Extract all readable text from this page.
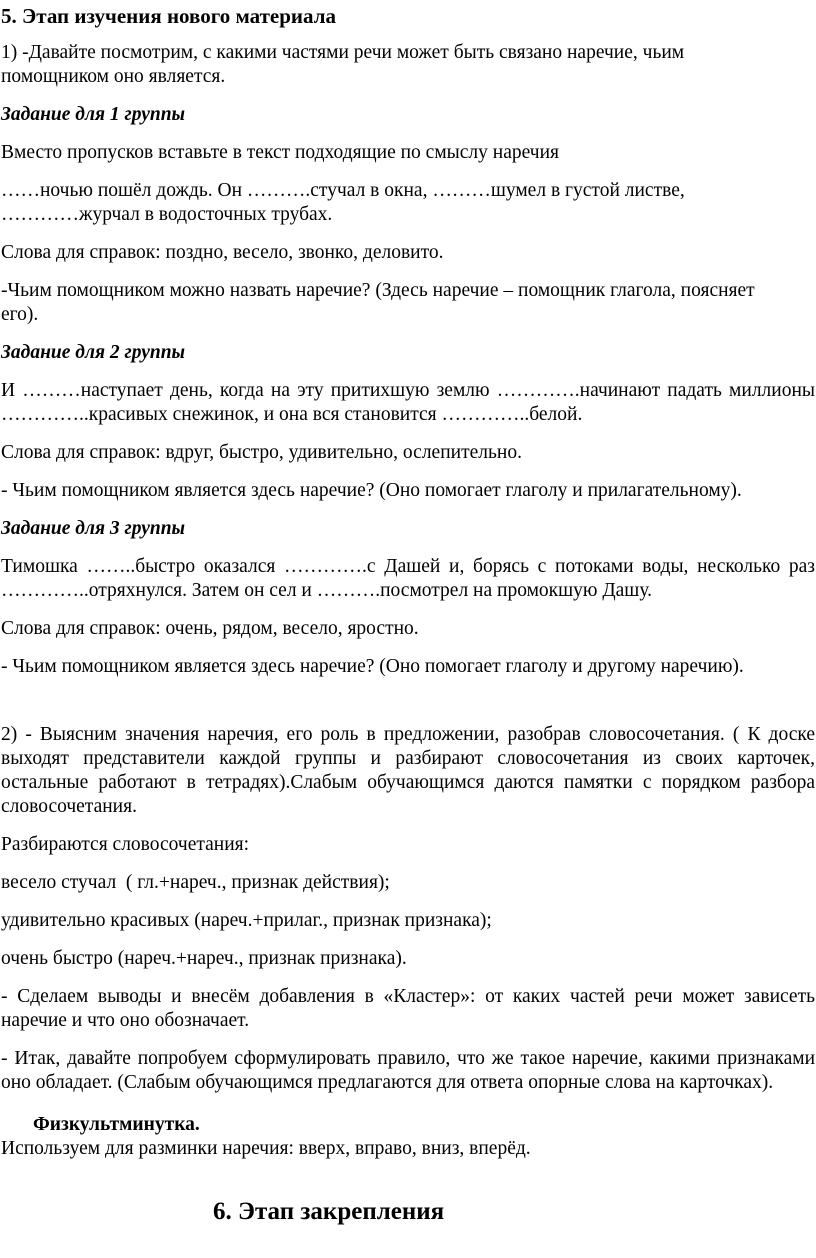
5. Этап изучения нового материала

1) -Давайте посмотрим, с какими частями речи может быть связано наречие, чьим

помощником оно является.

Задание для 1 группы

Вместо пропусков вставьте в текст подходящие по смыслу наречия

……ночью пошёл дождь. Он ……….стучал в окна, ………шумел в густой листве,

…………журчал в водосточных трубах.

Слова для справок: поздно, весело, звонко, деловито.

-Чьим помощником можно назвать наречие? (Здесь наречие – помощник глагола, поясняет

его).

Задание для 2 группы

И ………наступает день, когда на эту притихшую землю ………….начинают падать миллионы …………..красивых снежинок, и она вся становится …………..белой.

Слова для справок: вдруг, быстро, удивительно, ослепительно.

- Чьим помощником является здесь наречие? (Оно помогает глаголу и прилагательному).

Задание для 3 группы

Тимошка ……..быстро оказался ………….с Дашей и, борясь с потоками воды, несколько раз …………..отряхнулся. Затем он сел и ……….посмотрел на промокшую Дашу.

Слова для справок: очень, рядом, весело, яростно.

- Чьим помощником является здесь наречие? (Оно помогает глаголу и другому наречию).

2) - Выясним значения наречия, его роль в предложении, разобрав словосочетания. ( К доске выходят представители каждой группы и разбирают словосочетания из своих карточек, остальные работают в тетрадях).Слабым обучающимся даются памятки с порядком разбора словосочетания.

Разбираются словосочетания:

весело стучал  ( гл.+нареч., признак действия);

удивительно красивых (нареч.+прилаг., признак признака);

очень быстро (нареч.+нареч., признак признака).

- Сделаем выводы и внесём добавления в «Кластер»: от каких частей речи может зависеть наречие и что оно обозначает.

- Итак, давайте попробуем сформулировать правило, что же такое наречие, какими признаками оно обладает. (Слабым обучающимся предлагаются для ответа опорные слова на карточках).

Физкультминутка.

Используем для разминки наречия: вверх, вправо, вниз, вперёд.

6. Этап закрепления
